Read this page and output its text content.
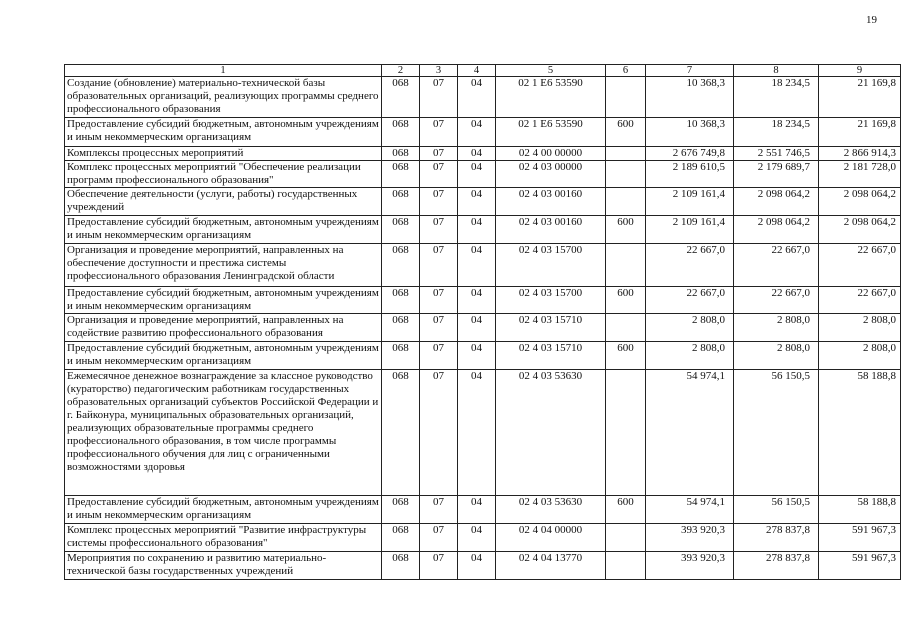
19
1	2	3	4	5	6	7	8	9
Создание (обновление) материально-технической базы образовательных организаций, реализующих программы среднего профессионального образования	068	07	04	02 1 Е6 53590		10 368,3	18 234,5	21 169,8
Предоставление субсидий бюджетным, автономным учреждениям и иным некоммерческим организациям	068	07	04	02 1 Е6 53590	600	10 368,3	18 234,5	21 169,8
Комплексы процессных мероприятий	068	07	04	02 4 00 00000		2 676 749,8	2 551 746,5	2 866 914,3
Комплекс процессных мероприятий "Обеспечение реализации программ профессионального образования"	068	07	04	02 4 03 00000		2 189 610,5	2 179 689,7	2 181 728,0
Обеспечение деятельности (услуги, работы) государственных учреждений	068	07	04	02 4 03 00160		2 109 161,4	2 098 064,2	2 098 064,2
Предоставление субсидий бюджетным, автономным учреждениям и иным некоммерческим организациям	068	07	04	02 4 03 00160	600	2 109 161,4	2 098 064,2	2 098 064,2
Организация и проведение мероприятий, направленных на обеспечение доступности и престижа системы профессионального образования Ленинградской области	068	07	04	02 4 03 15700		22 667,0	22 667,0	22 667,0
Предоставление субсидий бюджетным, автономным учреждениям и иным некоммерческим организациям	068	07	04	02 4 03 15700	600	22 667,0	22 667,0	22 667,0
Организация и проведение мероприятий, направленных на содействие развитию профессионального образования	068	07	04	02 4 03 15710		2 808,0	2 808,0	2 808,0
Предоставление субсидий бюджетным, автономным учреждениям и иным некоммерческим организациям	068	07	04	02 4 03 15710	600	2 808,0	2 808,0	2 808,0
Ежемесячное денежное вознаграждение за классное руководство (кураторство) педагогическим работникам государственных образовательных организаций субъектов Российской Федерации и г. Байконура, муниципальных образовательных организаций, реализующих образовательные программы среднего профессионального образования, в том числе программы профессионального обучения для лиц с ограниченными возможностями здоровья	068	07	04	02 4 03 53630		54 974,1	56 150,5	58 188,8
Предоставление субсидий бюджетным, автономным учреждениям и иным некоммерческим организациям	068	07	04	02 4 03 53630	600	54 974,1	56 150,5	58 188,8
Комплекс процессных мероприятий "Развитие инфраструктуры системы профессионального образования"	068	07	04	02 4 04 00000		393 920,3	278 837,8	591 967,3
Мероприятия по сохранению и развитию материально-технической базы государственных учреждений	068	07	04	02 4 04 13770		393 920,3	278 837,8	591 967,3
